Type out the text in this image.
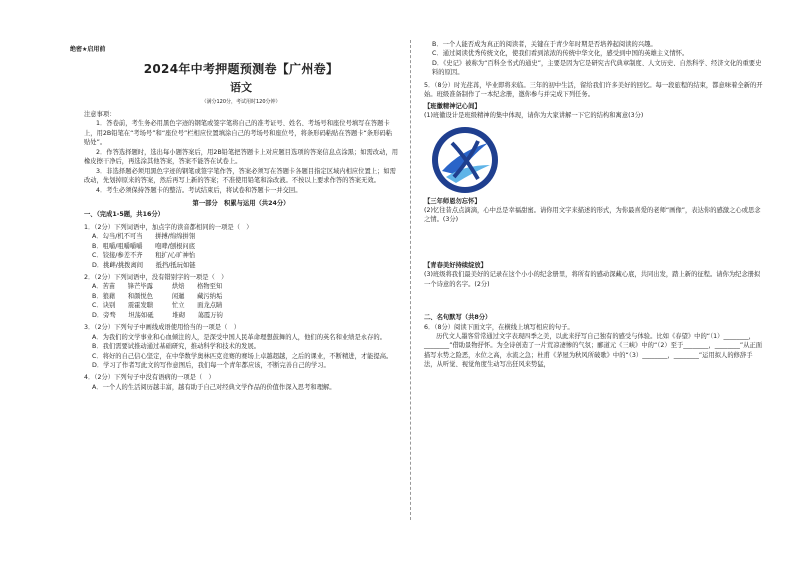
绝密★启用前
2024年中考押题预测卷【广州卷】
语文
（满分120分，考试用时120分钟）

注意事项：

1．答卷前，考生务必用黑色字迹的钢笔或签字笔将自己的准考证号、姓名、考场号和座位号填写在答题卡上，用2B铅笔在“考场号”和“座位号”栏相应位置填涂自己的考场号和座位号，将条形码粘贴在答题卡“条形码粘贴处”。

2．作答选择题时，选出每小题答案后，用2B铅笔把答题卡上对应题目选项的答案信息点涂黑；如需改动，用橡皮擦干净后，再选涂其他答案，答案不能答在试卷上。

3．非选择题必须用黑色字迹的钢笔或签字笔作答，答案必须写在答题卡各题目指定区域内相应位置上；如需改动，先划掉原来的答案，然后再写上新的答案；不准使用铅笔和涂改液。不按以上要求作答的答案无效。

4．考生必须保持答题卡的整洁。考试结束后，将试卷和答题卡一并交回。

第一部分　积累与运用（共24分）

一、（完成1-5题，共16分）

1．（2分）下列词语中，加点字的读音都相同的一项是（　）

A．勾当/机不可当　　拼搏/绵绵拼翎

B．咀嚼/咀嚼嚼嚼　　咆哮/刨根问底

C．铰接/参差不齐　　租扩/心旷神怡

D．挑衅/挑拨离间　　抵挡/抵玩如链

2．（2分）下列词语中，没有错别字的一项是（　）

A．苦苗　　锋芒毕露　　　烘焙　　格物至知

B．狼藉　　和颜悦色　　　闲邋　　藏污纳垢

C．诀别　　震霍发聩　　　忙立　　面龙点睛

D．旁骛　　坦荡如砥　　　堆砌　　蔼霞万钧

3．（2分）下列句子中画线成语使用恰当的一项是（　）

A．为我们的文学事业和心血倾注的人，是深受中国人民革命理想鼓舞的人，他们的英名和业绩是永存的。

B．我们需要试推动通过基础研究，推动科学和技术的发展。

C．将好的自己信心坚定，在中华数学奥林匹克竞赛的赛场上卓越超越，之后的课业，不断精进，才能提高。

D．学习了作者写此文的写作意图后，我们每一个青年都应该，不断完善自己的学习。

4．（2分）下列句子中没有语病的一项是（　）

A．一个人的生活阅历越丰富，越有助于自己对经典文学作品的价值作深入思考和理解。

B．一个人能否成为真正的阅读者，关键在于青少年时期是否培养起阅读的兴趣。

C．通过阅读优秀传统文化，使我们看到浓浓的传统中华文化，感受到中国的英雄主义情怀。

D．《史记》被称为“百科全书式的通史”，主要是因为它是研究古代典章制度、人文历史、自然科学、经济文化的重要史料的原因。

5．（8分）时光荏苒，毕业即将来临。三年的初中生活，留给我们许多美好的回忆。每一段旅程的结束，都意味着全新的开始。班级准备制作了一本纪念册，邀你参与并完成下列任务。

【班徽精神记心间】

(1)班徽设计是班级精神的集中体现，请你为大家讲解一下它的结构和寓意(3分)

【三年师恩勿忘怀】

(2)忆往昔点点滴滴，心中总是幸福甜蜜。请你用文字来描述的形式，为你最喜爱的老师“画像”，表达你的感激之心或思念之情。(3分)

【青春美好持续绽放】

(3)班级将我们最美好的记录在这个小小的纪念册里，将所有的感动深藏心底，共同出发，踏上新的征程。请你为纪念册拟一个诗意的名字。(2分)

二、名句默写（共8分）

6．（8分）阅读下面文字，在横线上填写相应的句子。

历代文人墨客常常通过文字表现四季之美，以此来抒写自己独有的感受与体验。比如《春望》中的“（1）________，________”借助景物抒怀。为全诗创造了一片荒凉凄惨的气氛；郦道元《三峡》中的“（2）至于________，________”从正面描写水势之险恶，水位之高，水流之急；杜甫《茅屋为秋风所破歌》中的“（3）________，________”运用拟人的修辞手法，从听觉、视觉角度生动写出狂风来势猛，
